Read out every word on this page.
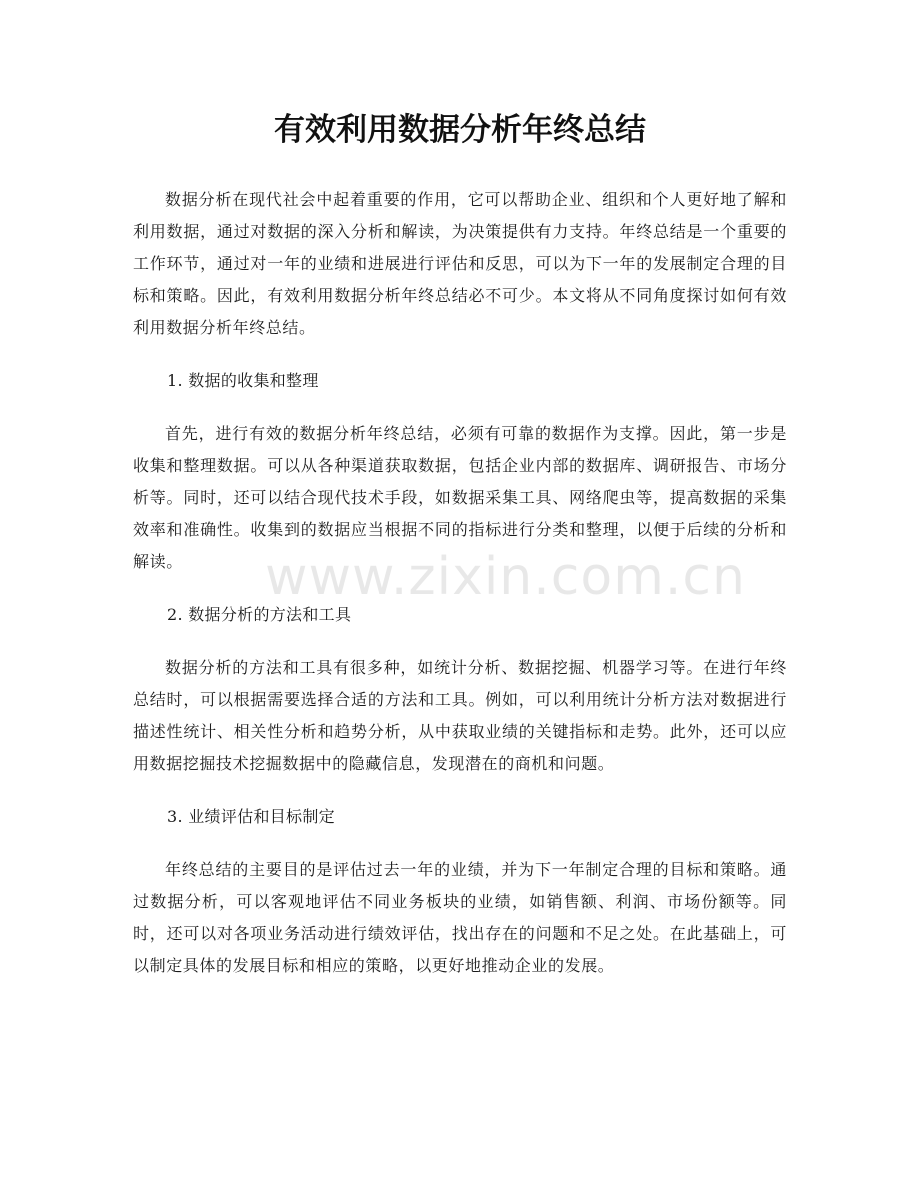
有效利用数据分析年终总结
www.zixin.com.cn

数据分析在现代社会中起着重要的作用，它可以帮助企业、组织和个人更好地了解和利用数据，通过对数据的深入分析和解读，为决策提供有力支持。年终总结是一个重要的工作环节，通过对一年的业绩和进展进行评估和反思，可以为下一年的发展制定合理的目标和策略。因此，有效利用数据分析年终总结必不可少。本文将从不同角度探讨如何有效利用数据分析年终总结。

1. 数据的收集和整理

首先，进行有效的数据分析年终总结，必须有可靠的数据作为支撑。因此，第一步是收集和整理数据。可以从各种渠道获取数据，包括企业内部的数据库、调研报告、市场分析等。同时，还可以结合现代技术手段，如数据采集工具、网络爬虫等，提高数据的采集效率和准确性。收集到的数据应当根据不同的指标进行分类和整理，以便于后续的分析和解读。

2. 数据分析的方法和工具

数据分析的方法和工具有很多种，如统计分析、数据挖掘、机器学习等。在进行年终总结时，可以根据需要选择合适的方法和工具。例如，可以利用统计分析方法对数据进行描述性统计、相关性分析和趋势分析，从中获取业绩的关键指标和走势。此外，还可以应用数据挖掘技术挖掘数据中的隐藏信息，发现潜在的商机和问题。

3. 业绩评估和目标制定

年终总结的主要目的是评估过去一年的业绩，并为下一年制定合理的目标和策略。通过数据分析，可以客观地评估不同业务板块的业绩，如销售额、利润、市场份额等。同时，还可以对各项业务活动进行绩效评估，找出存在的问题和不足之处。在此基础上，可以制定具体的发展目标和相应的策略，以更好地推动企业的发展。
